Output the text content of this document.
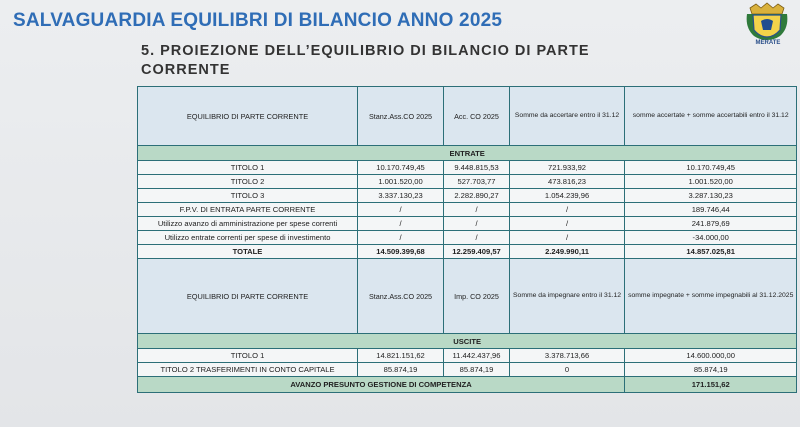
SALVAGUARDIA EQUILIBRI DI BILANCIO ANNO 2025
5. PROIEZIONE DELL’EQUILIBRIO DI BILANCIO DI PARTE CORRENTE
MERATE
EQUILIBRIO DI PARTE CORRENTE	Stanz.Ass.CO 2025	Acc. CO 2025	Somme da accertare entro il 31.12	somme accertate + somme accertabili entro il 31.12

ENTRATE				
TITOLO 1	10.170.749,45	9.448.815,53	721.933,92	10.170.749,45
TITOLO 2	1.001.520,00	527.703,77	473.816,23	1.001.520,00
TITOLO 3	3.337.130,23	2.282.890,27	1.054.239,96	3.287.130,23
F.P.V. DI ENTRATA PARTE CORRENTE	/	/	/	189.746,44
Utilizzo avanzo di amministrazione per spese correnti	/	/	/	241.879,69
Utilizzo entrate correnti per spese di investimento	/	/	/	-34.000,00
TOTALE	14.509.399,68	12.259.409,57	2.249.990,11	14.857.025,81
EQUILIBRIO DI PARTE CORRENTE	Stanz.Ass.CO 2025	Imp. CO 2025	Somme da impegnare entro il 31.12	somme impegnate + somme impegnabili al 31.12.2025

USCITE				
TITOLO 1	14.821.151,62	11.442.437,96	3.378.713,66	14.600.000,00
TITOLO 2 TRASFERIMENTI IN CONTO CAPITALE	85.874,19	85.874,19	0	85.874,19
AVANZO PRESUNTO GESTIONE DI COMPETENZA				171.151,62
